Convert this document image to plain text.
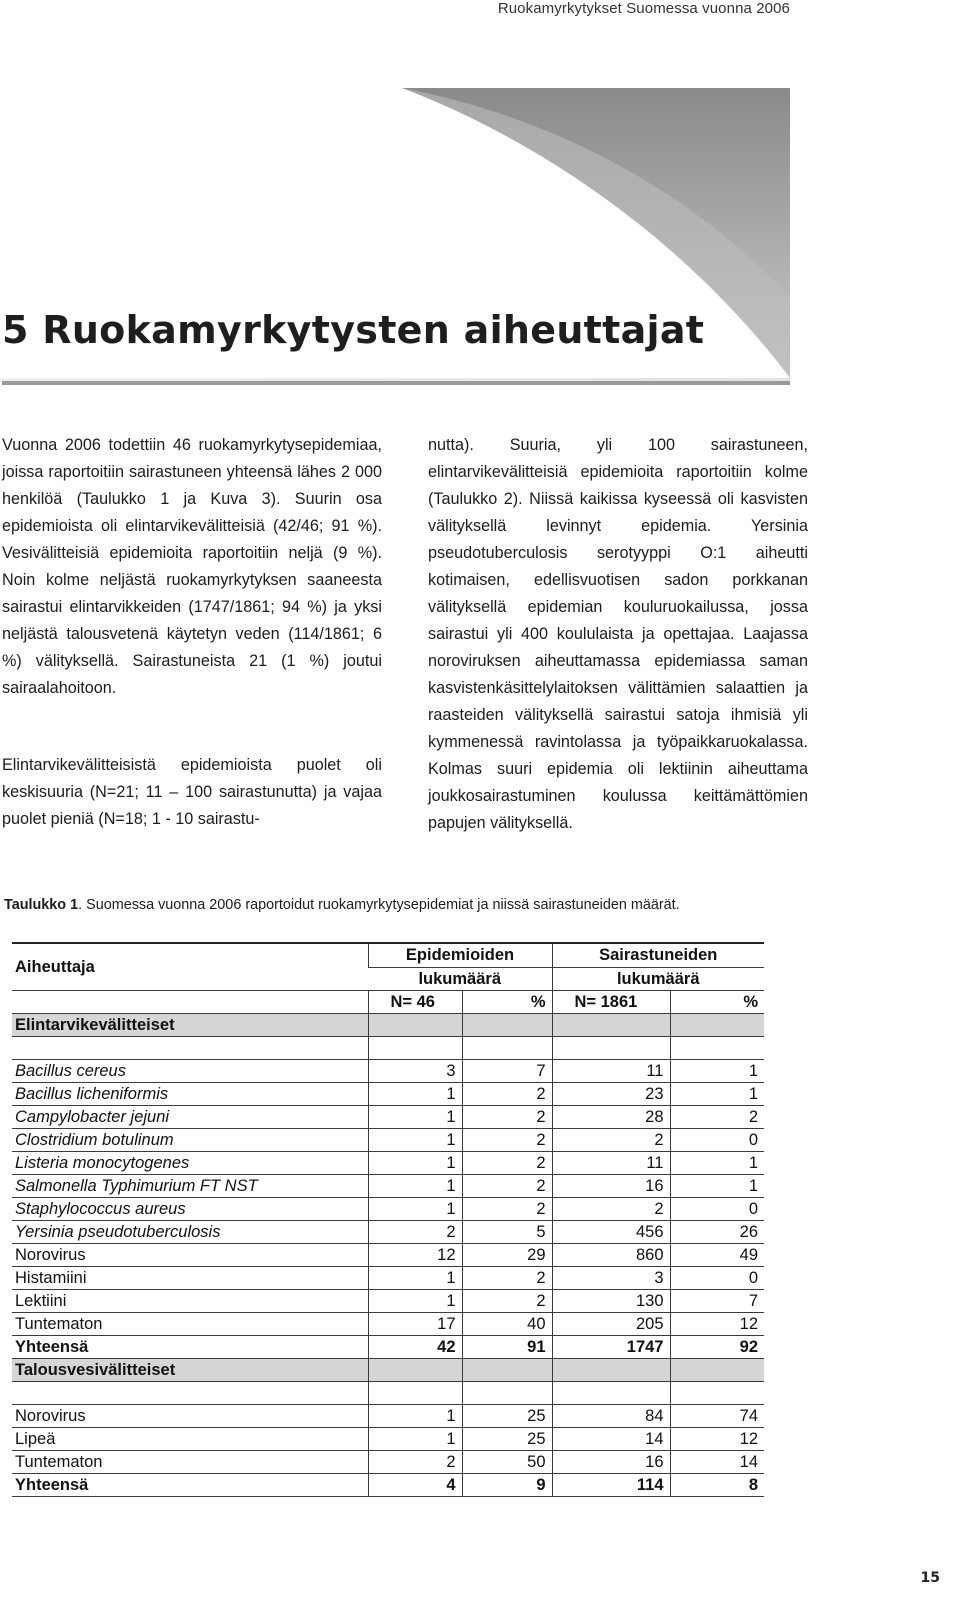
Ruokamyrkytykset Suomessa vuonna 2006
5 Ruokamyrkytysten aiheuttajat

Vuonna 2006 todettiin 46 ruokamyrkytysepidemiaa, joissa raportoitiin sairastuneen yhteensä lähes 2 000 henkilöä (Taulukko 1 ja Kuva 3). Suurin osa epidemioista oli elintarvikevälitteisiä (42/46; 91 %). Vesivälitteisiä epidemioita raportoitiin neljä (9 %). Noin kolme neljästä ruokamyrkytyksen saaneesta sairastui elintarvikkeiden (1747/1861; 94 %) ja yksi neljästä talousvetenä käytetyn veden (114/1861; 6 %) välityksellä. Sairastuneista 21 (1 %) joutui sairaalahoitoon.

Elintarvikevälitteisistä epidemioista puolet oli keskisuuria (N=21; 11 – 100 sairastunutta) ja vajaa puolet pieniä (N=18; 1 - 10 sairastu-

nutta). Suuria, yli 100 sairastuneen, elintarvikevälitteisiä epidemioita raportoitiin kolme (Taulukko 2). Niissä kaikissa kyseessä oli kasvisten välityksellä levinnyt epidemia. Yersinia pseudotuberculosis serotyyppi O:1 aiheutti kotimaisen, edellisvuotisen sadon porkkanan välityksellä epidemian kouluruokailussa, jossa sairastui yli 400 koululaista ja opettajaa. Laajassa noroviruksen aiheuttamassa epidemiassa saman kasvistenkäsittelylaitoksen välittämien salaattien ja raasteiden välityksellä sairastui satoja ihmisiä yli kymmenessä ravintolassa ja työpaikkaruokalassa. Kolmas suuri epidemia oli lektiinin aiheuttama joukkosairastuminen koulussa keittämättömien papujen välityksellä.

Taulukko 1. Suomessa vuonna 2006 raportoidut ruokamyrkytysepidemiat ja niissä sairastuneiden määrät.

Aiheuttaja	Epidemioiden		Sairastuneiden	
	lukumäärä		lukumäärä	
	N= 46	%	N= 1861	%
Elintarvikevälitteiset				

Bacillus cereus	3	7	11	1
Bacillus licheniformis	1	2	23	1
Campylobacter jejuni	1	2	28	2
Clostridium botulinum	1	2	2	0
Listeria monocytogenes	1	2	11	1
Salmonella Typhimurium FT NST	1	2	16	1
Staphylococcus aureus	1	2	2	0
Yersinia pseudotuberculosis	2	5	456	26
Norovirus	12	29	860	49
Histamiini	1	2	3	0
Lektiini	1	2	130	7
Tuntematon	17	40	205	12
Yhteensä	42	91	1747	92
Talousvesivälitteiset				

Norovirus	1	25	84	74
Lipeä	1	25	14	12
Tuntematon	2	50	16	14
Yhteensä	4	9	114	8
15
